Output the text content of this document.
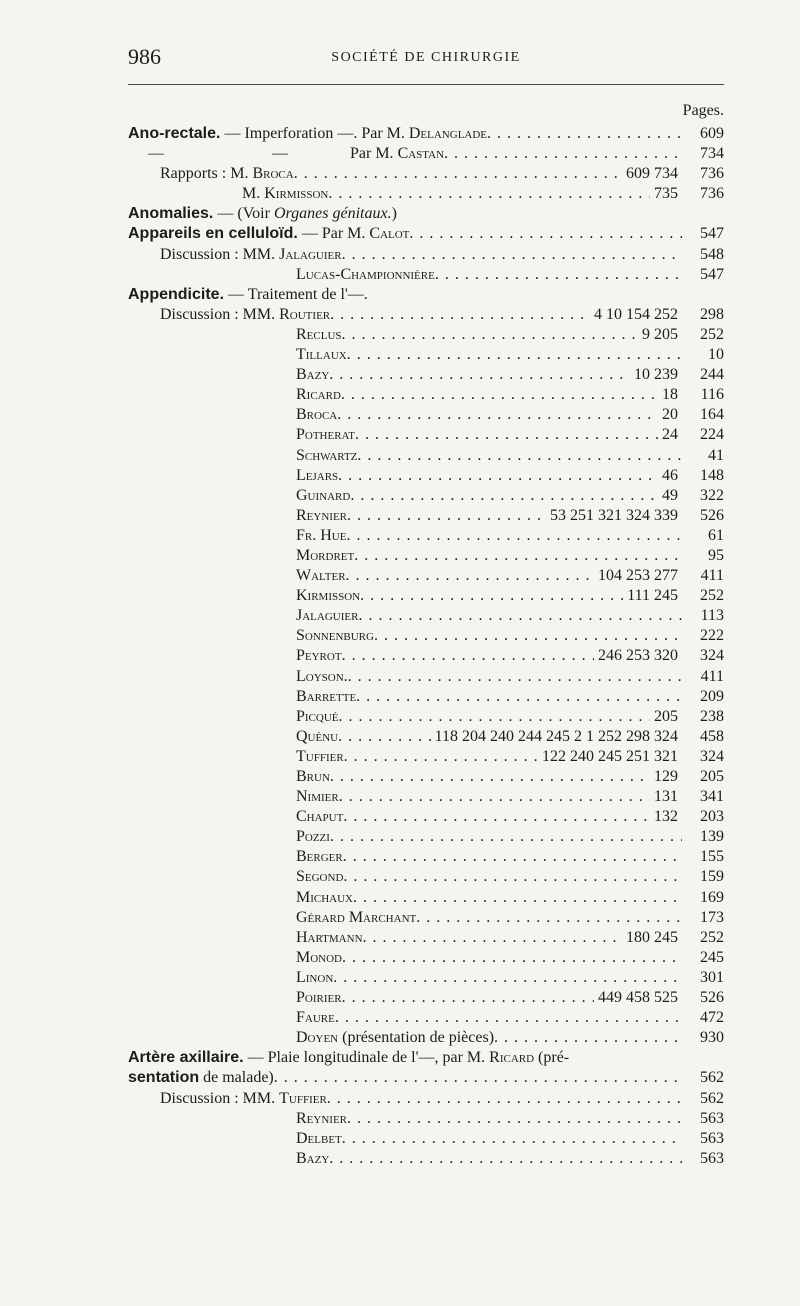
986	SOCIÉTÉ DE CHIRURGIE
Pages.
Ano-rectale. — Imperforation —. Par M. Delanglade . . .	609
—	—	Par M. Castan . . .	734
Rapports : M. Broca . . .	609 734	736
M. Kirmisson . . .	735	736
Anomalies. — (Voir Organes génitaux.)
Appareils en celluloïd. — Par M. Calot . . .	547
Discussion : MM. Jalaguier . . .	548
Lucas-Championnière . . .	547
Appendicite. — Traitement de l'—.
Discussion : MM. Routier . . .	4 10 154 252	298
Reclus . . .	9 205	252
Tillaux . . .	10
Bazy . . .	10 239	244
Ricard . . .	18	116
Broca . . .	20	164
Potherat . . .	24	224
Schwartz . . .	41
Lejars . . .	46	148
Guinard . . .	49	322
Reynier . . .	53 251 321 324 339	526
Fr. Hue . . .	61
Mordret . . .	95
Walter . . .	104 253 277	411
Kirmisson . . .	111 245	252
Jalaguier . . .	113
Sonnenburg . . .	222
Peyrot . . .	246 253 320	324
Loyson. . . .	411
Barrette . . .	209
Picqué . . .	205	238
Quénu . . .	118 204 240 244 245 2 1 252 298 324	458
Tuffier . . .	122 240 245 251 321	324
Brun . . .	129	205
Nimier . . .	131	341
Chaput . . .	132	203
Pozzi . . .	139
Berger . . .	155
Segond . . .	159
Michaux . . .	169
Gérard Marchant . . .	173
Hartmann . . .	180 245	252
Monod . . .	245
Linon . . .	301
Poirier . . .	449 458 525	526
Faure . . .	472
Doyen (présentation de pièces) . . .	930
Artère axillaire. — Plaie longitudinale de l'—, par M. Ricard (pré-
sentation de malade) . . .	562
Discussion : MM. Tuffier . . .	562
Reynier . . .	563
Delbet . . .	563
Bazy . . .	563
